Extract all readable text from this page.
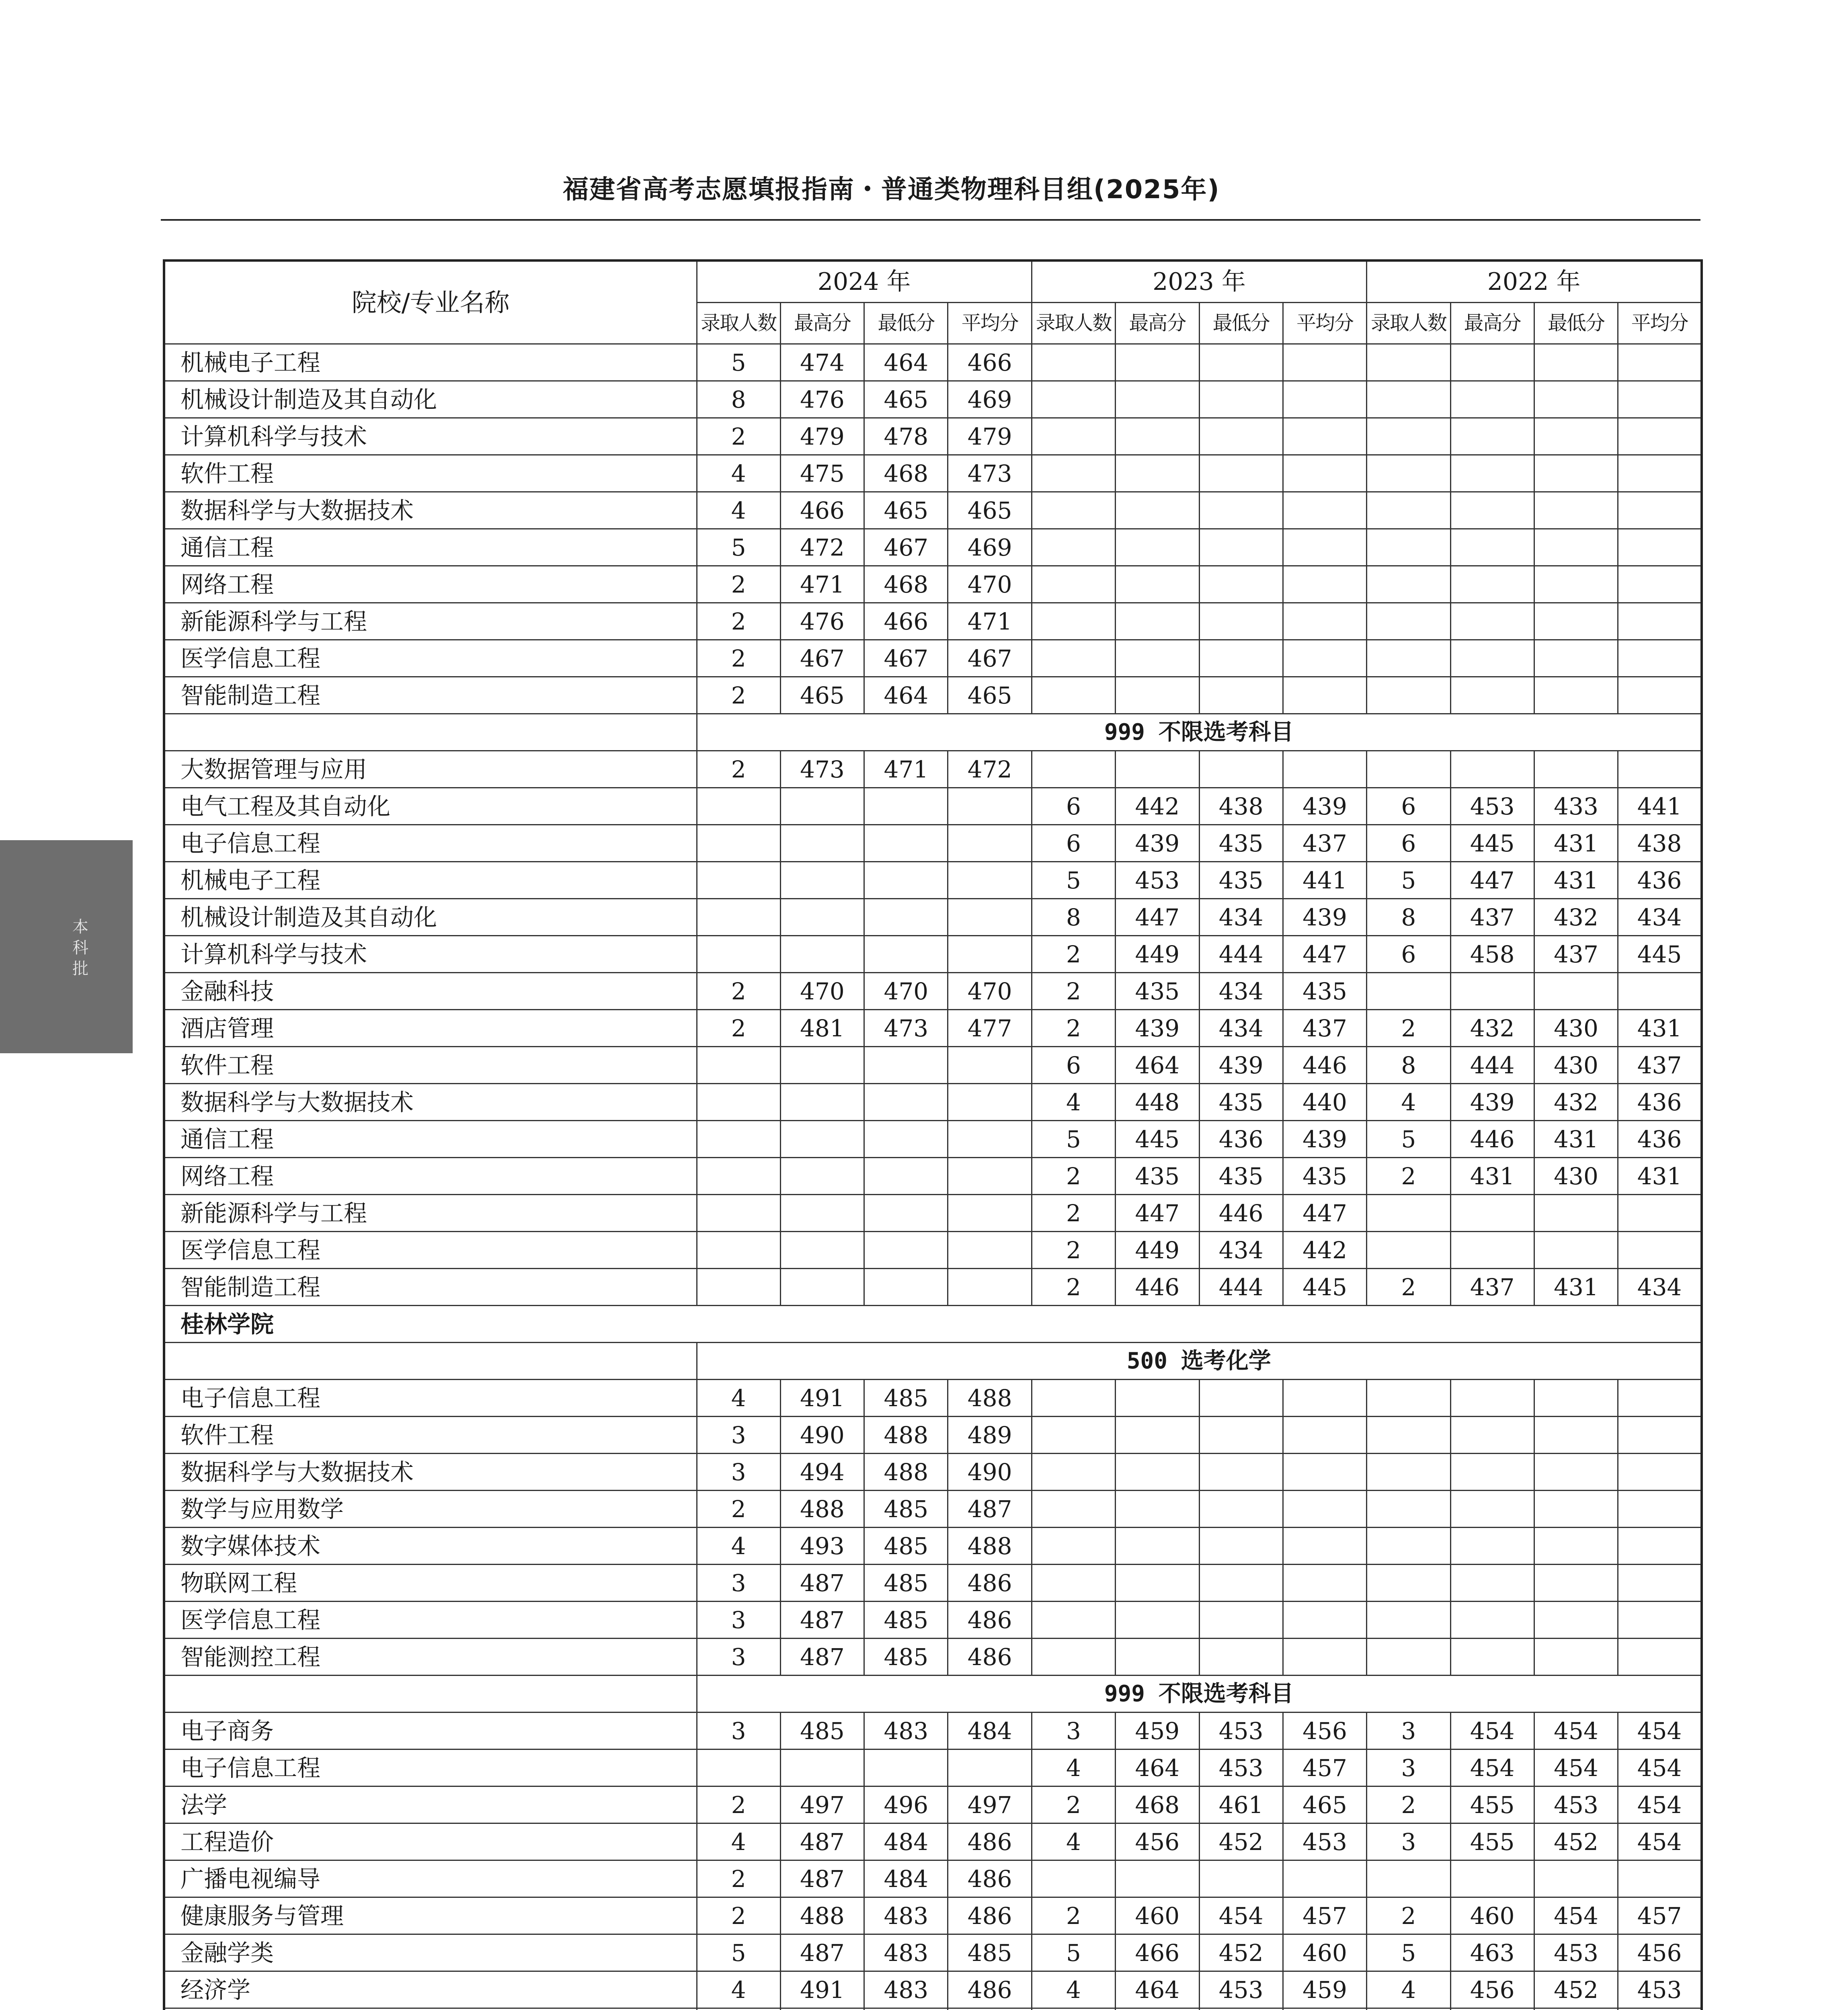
福建省高考志愿填报指南・普通类物理科目组(2025年)
本科批
院校/专业名称	2024 年				2023 年				2022 年			
	录取人数	最高分	最低分	平均分	录取人数	最高分	最低分	平均分	录取人数	最高分	最低分	平均分
机械电子工程	5	474	464	466								
机械设计制造及其自动化	8	476	465	469								
计算机科学与技术	2	479	478	479								
软件工程	4	475	468	473								
数据科学与大数据技术	4	466	465	465								
通信工程	5	472	467	469								
网络工程	2	471	468	470								
新能源科学与工程	2	476	466	471								
医学信息工程	2	467	467	467								
智能制造工程	2	465	464	465								
	999 不限选考科目											
大数据管理与应用	2	473	471	472								
电气工程及其自动化					6	442	438	439	6	453	433	441
电子信息工程					6	439	435	437	6	445	431	438
机械电子工程					5	453	435	441	5	447	431	436
机械设计制造及其自动化					8	447	434	439	8	437	432	434
计算机科学与技术					2	449	444	447	6	458	437	445
金融科技	2	470	470	470	2	435	434	435				
酒店管理	2	481	473	477	2	439	434	437	2	432	430	431
软件工程					6	464	439	446	8	444	430	437
数据科学与大数据技术					4	448	435	440	4	439	432	436
通信工程					5	445	436	439	5	446	431	436
网络工程					2	435	435	435	2	431	430	431
新能源科学与工程					2	447	446	447				
医学信息工程					2	449	434	442				
智能制造工程					2	446	444	445	2	437	431	434
桂林学院												
	500 选考化学											
电子信息工程	4	491	485	488								
软件工程	3	490	488	489								
数据科学与大数据技术	3	494	488	490								
数学与应用数学	2	488	485	487								
数字媒体技术	4	493	485	488								
物联网工程	3	487	485	486								
医学信息工程	3	487	485	486								
智能测控工程	3	487	485	486								
	999 不限选考科目											
电子商务	3	485	483	484	3	459	453	456	3	454	454	454
电子信息工程					4	464	453	457	3	454	454	454
法学	2	497	496	497	2	468	461	465	2	455	453	454
工程造价	4	487	484	486	4	456	452	453	3	455	452	454
广播电视编导	2	487	484	486								
健康服务与管理	2	488	483	486	2	460	454	457	2	460	454	457
金融学类	5	487	483	485	5	466	452	460	5	463	453	456
经济学	4	491	483	486	4	464	453	459	4	456	452	453
